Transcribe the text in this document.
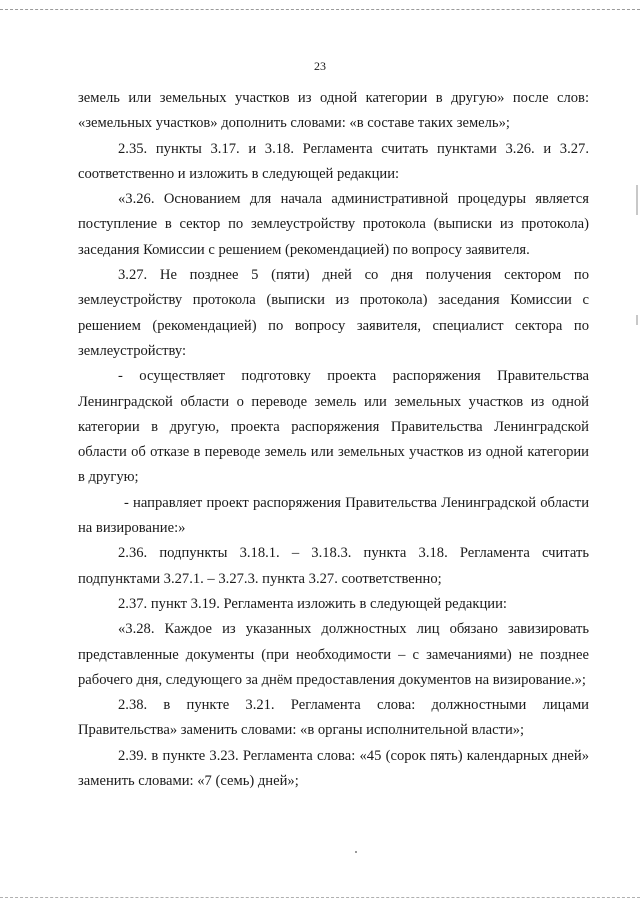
23

земель или земельных участков из одной категории в другую» после слов: «земельных участков» дополнить словами: «в составе таких земель»;

2.35. пункты 3.17. и 3.18. Регламента считать пунктами 3.26. и 3.27. соответственно и изложить в следующей редакции:

«3.26. Основанием для начала административной процедуры является поступление в сектор по землеустройству протокола (выписки из протокола) заседания Комиссии с решением (рекомендацией) по вопросу заявителя.

3.27. Не позднее 5 (пяти) дней со дня получения сектором по землеустройству протокола (выписки из протокола) заседания Комиссии с решением (рекомендацией) по вопросу заявителя, специалист сектора по землеустройству:

- осуществляет подготовку проекта распоряжения Правительства Ленинградской области о переводе земель или земельных участков из одной категории в другую, проекта распоряжения Правительства Ленинградской области об отказе в переводе земель или земельных участков из одной категории в другую;

- направляет проект распоряжения Правительства Ленинградской области на визирование:»

2.36. подпункты 3.18.1. – 3.18.3. пункта 3.18. Регламента считать подпунктами 3.27.1. – 3.27.3. пункта 3.27. соответственно;

2.37. пункт 3.19. Регламента изложить в следующей редакции:

«3.28. Каждое из указанных должностных лиц обязано завизировать представленные документы (при необходимости – с замечаниями) не позднее рабочего дня, следующего за днём предоставления документов на визирование.»;

2.38. в пункте 3.21. Регламента слова: должностными лицами Правительства» заменить словами: «в органы исполнительной власти»;

2.39. в пункте 3.23. Регламента слова: «45 (сорок пять) календарных дней» заменить словами: «7 (семь) дней»;
